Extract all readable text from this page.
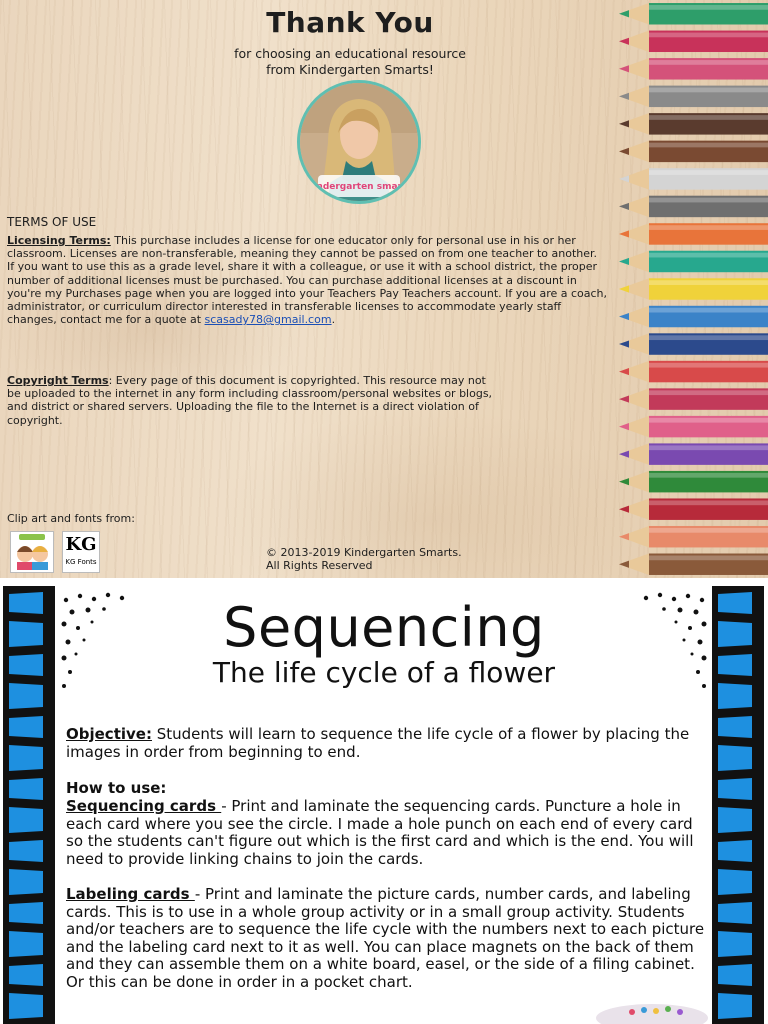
Thank You
for choosing an educational resource
from Kindergarten Smarts!
Kindergarten smarts
TERMS OF USE
Licensing Terms: This purchase includes a license for one educator only for personal use in his or her classroom. Licenses are non-transferable, meaning they cannot be passed on from one teacher to another. If you want to use this as a grade level, share it with a colleague, or use it with a school district, the proper number of additional licenses must be purchased. You can purchase additional licenses at a discount in you're my Purchases page when you are logged into your Teachers Pay Teachers account. If you are a coach, administrator, or curriculum director interested in transferable licenses to accommodate yearly staff changes, contact me for a quote at scasady78@gmail.com.
Copyright Terms: Every page of this document is copyrighted. This resource may not be uploaded to the internet in any form including classroom/personal websites or blogs, and district or shared servers. Uploading the file to the Internet is a direct violation of copyright.
Clip art and fonts from:
KG
KG Fonts
© 2013-2019 Kindergarten Smarts.
All Rights Reserved
Sequencing
The life cycle of a flower
Objective: Students will learn to sequence the life cycle of a flower by placing the images in order from beginning to end.
How to use:
Sequencing cards - Print and laminate the sequencing cards. Puncture a hole in each card where you see the circle. I made a hole punch on each end of every card so the students can't figure out which is the first card and which is the end. You will need to provide linking chains to join the cards.
Labeling cards - Print and laminate the picture cards, number cards, and labeling cards. This is to use in a whole group activity or in a small group activity. Students and/or teachers are to sequence the life cycle with the numbers next to each picture and the labeling card next to it as well. You can place magnets on the back of them and they can assemble them on a white board, easel, or the side of a filing cabinet. Or this can be done in order in a pocket chart.
